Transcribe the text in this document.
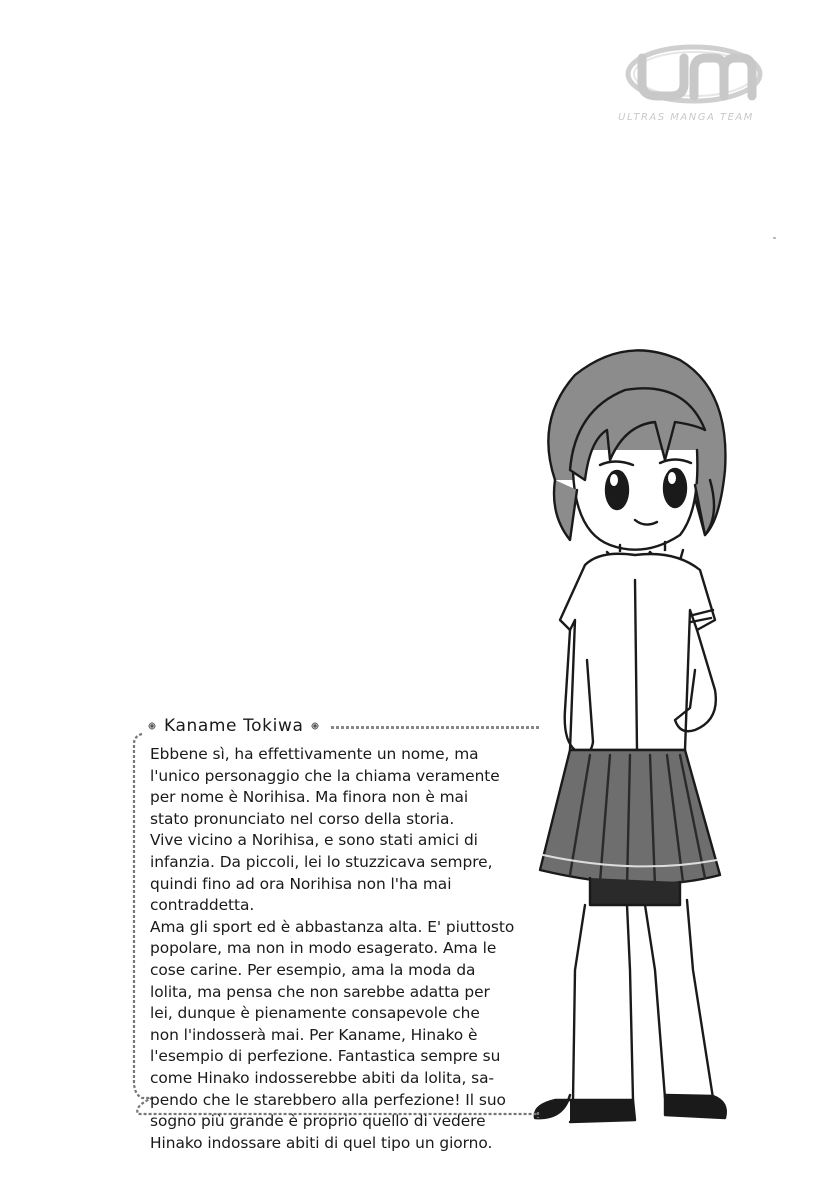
ULTRAS MANGA TEAM
Kaname Tokiwa
Ebbene sì, ha effettivamente un nome, ma
l'unico personaggio che la chiama veramente
per nome è Norihisa. Ma finora non è mai
stato pronunciato nel corso della storia.
Vive vicino a Norihisa, e sono stati amici di
infanzia. Da piccoli, lei lo stuzzicava sempre,
quindi fino ad ora Norihisa non l'ha mai
contraddetta.
Ama gli sport ed è abbastanza alta. E' piuttosto
popolare, ma non in modo esagerato. Ama le
cose carine. Per esempio, ama la moda da
lolita, ma pensa che non sarebbe adatta per
lei, dunque è pienamente consapevole che
non l'indosserà mai. Per Kaname, Hinako è
l'esempio di perfezione. Fantastica sempre su
come Hinako indosserebbe abiti da lolita, sa-
pendo che le starebbero alla perfezione! Il suo
sogno più grande è proprio quello di vedere
Hinako indossare abiti di quel tipo un giorno.
